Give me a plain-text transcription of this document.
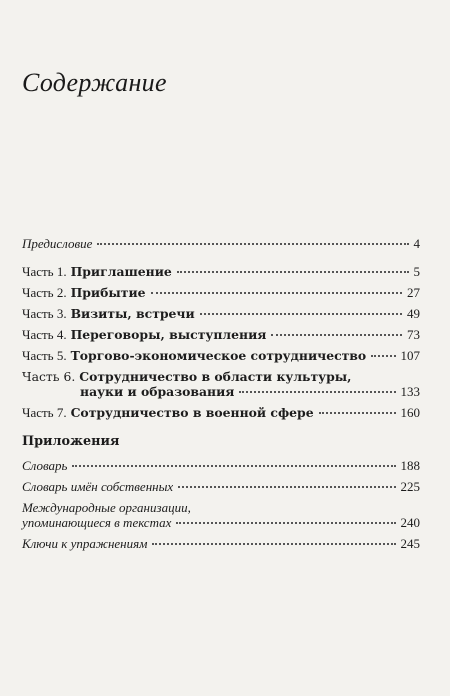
Содержание
Предисловие	4
Часть 1. Приглашение	5
Часть 2. Прибытие	27
Часть 3. Визиты, встречи	49
Часть 4. Переговоры, выступления	73
Часть 5. Торгово-экономическое сотрудничество	107
Часть 6. Сотрудничество в области культуры,
науки и образования	133
Часть 7. Сотрудничество в военной сфере	160
Приложения
Словарь	188
Словарь имён собственных	225
Международные организации,
упоминающиеся в текстах	240
Ключи к упражнениям	245
